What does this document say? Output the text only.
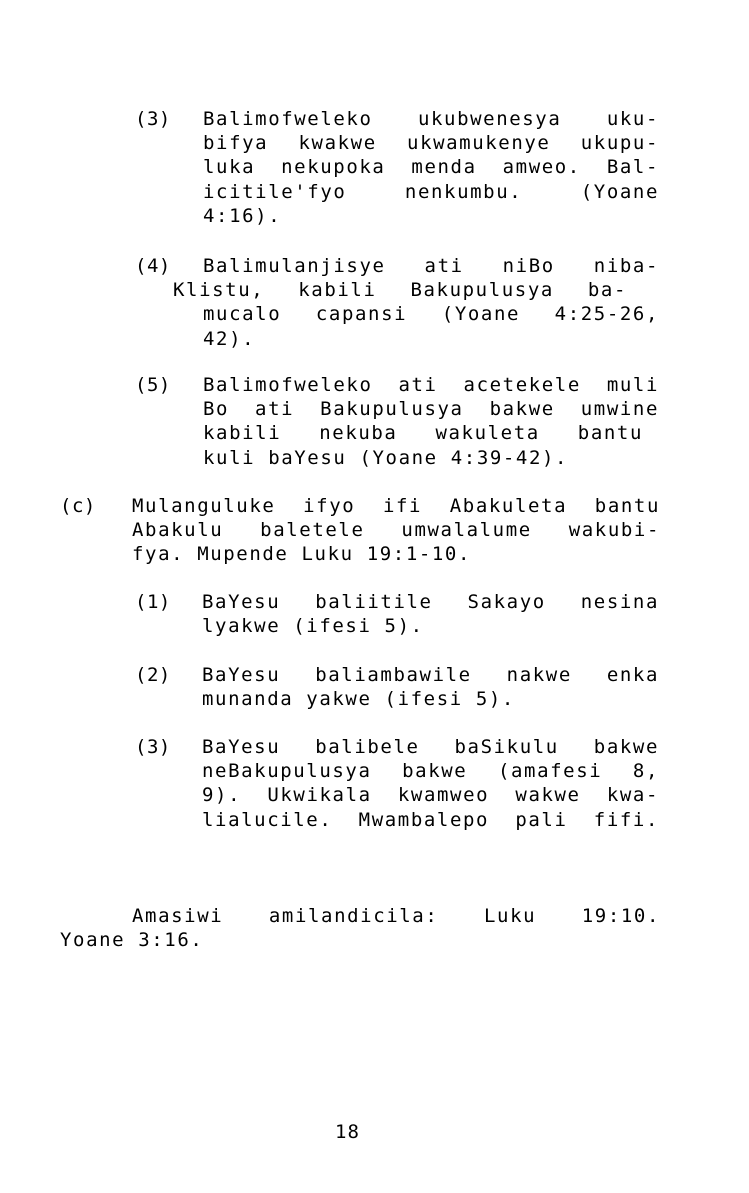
(3) Balimofweleko ukubwenesya uku-
bifya kwakwe ukwamukenye ukupu-
luka nekupoka menda amweo. Bal-
icitile'fyo nenkumbu. (Yoane
4:16).
(4) Balimulanjisye ati niBo niba-
Klistu, kabili Bakupulusya ba-
mucalo capansi (Yoane 4:25-26,
42).
(5) Balimofweleko ati acetekele muli
Bo ati Bakupulusya bakwe umwine
kabili nekuba wakuleta bantu
kuli baYesu (Yoane 4:39-42).
(c) Mulanguluke ifyo ifi Abakuleta bantu
Abakulu baletele umwalalume wakubi-
fya. Mupende Luku 19:1-10.
(1) BaYesu baliitile Sakayo nesina
lyakwe (ifesi 5).
(2) BaYesu baliambawile nakwe enka
munanda yakwe (ifesi 5).
(3) BaYesu balibele baSikulu bakwe
neBakupulusya bakwe (amafesi 8,
9). Ukwikala kwamweo wakwe kwa-
lialucile. Mwambalepo pali fifi.
Amasiwi amilandicila: Luku 19:10.
Yoane 3:16.
18
